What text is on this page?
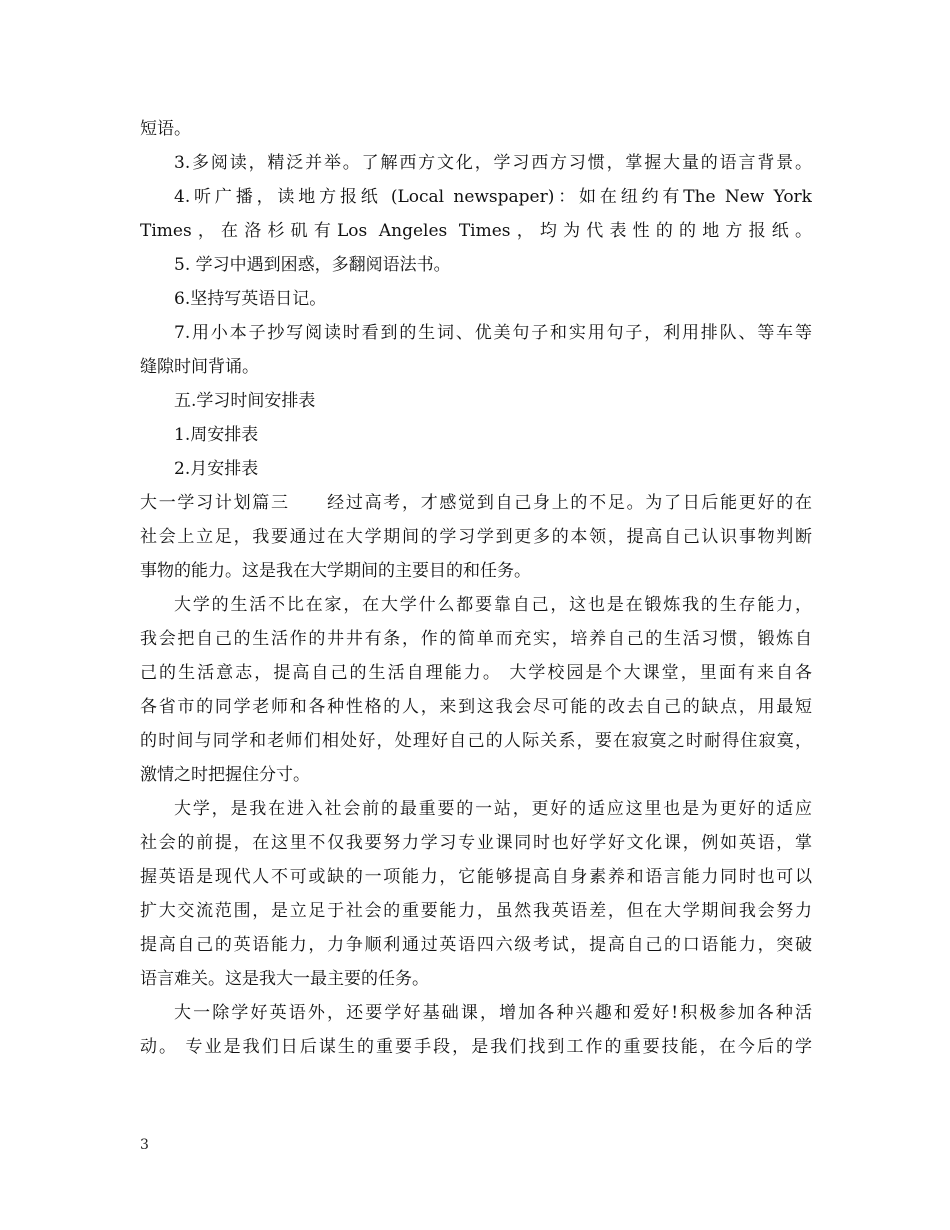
短语。
3.多阅读，精泛并举。了解西方文化，学习西方习惯，掌握大量的语言背景。
4.听广播，读地方报纸 (Local newspaper)：如在纽约有The New York
Times，在洛杉矶有Los Angeles Times，均为代表性的的地方报纸。
5. 学习中遇到困惑，多翻阅语法书。
6.坚持写英语日记。
7.用小本子抄写阅读时看到的生词、优美句子和实用句子，利用排队、等车等
缝隙时间背诵。
五.学习时间安排表
1.周安排表
2.月安排表
大一学习计划篇三　　经过高考，才感觉到自己身上的不足。为了日后能更好的在
社会上立足，我要通过在大学期间的学习学到更多的本领，提高自己认识事物判断
事物的能力。这是我在大学期间的主要目的和任务。
大学的生活不比在家，在大学什么都要靠自己，这也是在锻炼我的生存能力，
我会把自己的生活作的井井有条，作的简单而充实，培养自己的生活习惯，锻炼自
己的生活意志，提高自己的生活自理能力。 大学校园是个大课堂，里面有来自各
各省市的同学老师和各种性格的人，来到这我会尽可能的改去自己的缺点，用最短
的时间与同学和老师们相处好，处理好自己的人际关系，要在寂寞之时耐得住寂寞，
激情之时把握住分寸。
大学，是我在进入社会前的最重要的一站，更好的适应这里也是为更好的适应
社会的前提，在这里不仅我要努力学习专业课同时也好学好文化课，例如英语，掌
握英语是现代人不可或缺的一项能力，它能够提高自身素养和语言能力同时也可以
扩大交流范围，是立足于社会的重要能力，虽然我英语差，但在大学期间我会努力
提高自己的英语能力，力争顺利通过英语四六级考试，提高自己的口语能力，突破
语言难关。这是我大一最主要的任务。
大一除学好英语外，还要学好基础课，增加各种兴趣和爱好!积极参加各种活
动。 专业是我们日后谋生的重要手段，是我们找到工作的重要技能，在今后的学
3
